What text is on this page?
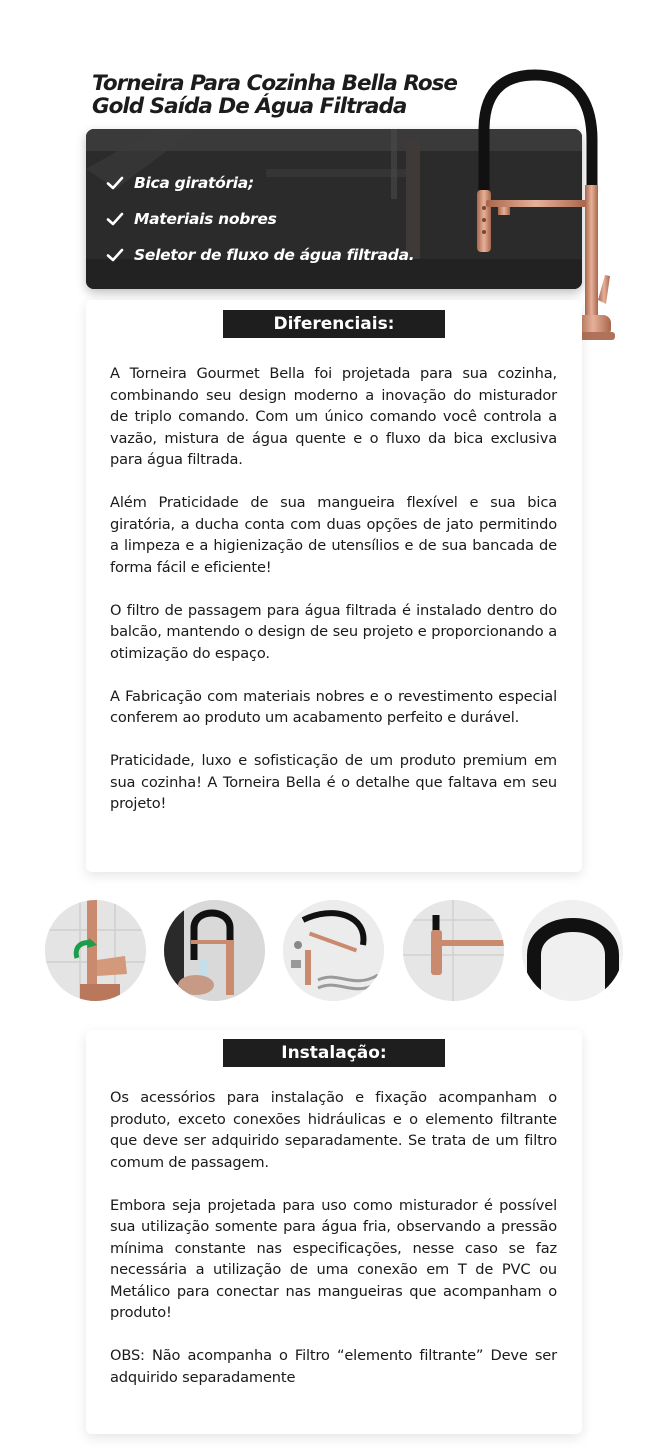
Torneira Para Cozinha Bella Rose Gold Saída De Água Filtrada
Bica giratória;
Materiais nobres
Seletor de fluxo de água filtrada.
Diferenciais:

A Torneira Gourmet Bella foi projetada para sua cozinha, combinando seu design moderno a inovação do misturador de triplo comando. Com um único comando você controla a vazão, mistura de água quente e o fluxo da bica exclusiva para água filtrada.

Além Praticidade de sua mangueira flexível e sua bica giratória, a ducha conta com duas opções de jato permitindo a limpeza e a higienização de utensílios e de sua bancada de forma fácil e eficiente!

O filtro de passagem para água filtrada é instalado dentro do balcão, mantendo o design de seu projeto e proporcionando a otimização do espaço.

A Fabricação com materiais nobres e o revestimento especial conferem ao produto um acabamento perfeito e durável.

Praticidade, luxo e sofisticação de um produto premium em sua cozinha! A Torneira Bella é o detalhe que faltava em seu projeto!

Instalação:

Os acessórios para instalação e fixação acompanham o produto, exceto conexões hidráulicas e o elemento filtrante que deve ser adquirido separadamente. Se trata de um filtro comum de passagem.

Embora seja projetada para uso como misturador é possível sua utilização somente para água fria, observando a pressão mínima constante nas especificações, nesse caso se faz necessária a utilização de uma conexão em T de PVC ou Metálico para conectar nas mangueiras que acompanham o produto!

OBS: Não acompanha o Filtro “elemento filtrante” Deve ser adquirido separadamente
